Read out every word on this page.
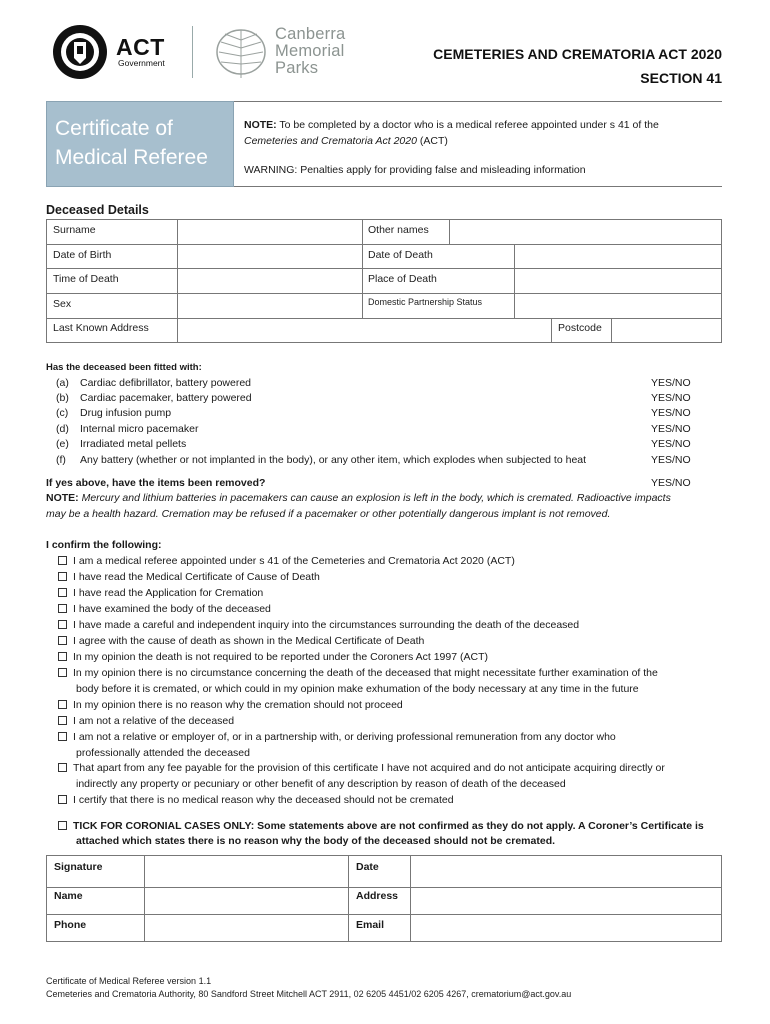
ACT
Government
Canberra
Memorial
Parks
CEMETERIES AND CREMATORIA ACT 2020
SECTION 41
Certificate of
Medical Referee
NOTE: To be completed by a doctor who is a medical referee appointed under s 41 of the
Cemeteries and Crematoria Act 2020 (ACT)
WARNING: Penalties apply for providing false and misleading information
Deceased Details
Surname	Other names
Date of Birth	Date of Death
Time of Death	Place of Death
Sex	Domestic Partnership Status
Last Known Address	Postcode
Has the deceased been fitted with:
(a) Cardiac defibrillator, battery powered	YES/NO
(b) Cardiac pacemaker, battery powered	YES/NO
(c) Drug infusion pump	YES/NO
(d) Internal micro pacemaker	YES/NO
(e) Irradiated metal pellets	YES/NO
(f) Any battery (whether or not implanted in the body), or any other item, which explodes when subjected to heat	YES/NO
If yes above, have the items been removed?	YES/NO
NOTE: Mercury and lithium batteries in pacemakers can cause an explosion is left in the body, which is cremated. Radioactive impacts
may be a health hazard. Cremation may be refused if a pacemaker or other potentially dangerous implant is not removed.
I confirm the following:
I am a medical referee appointed under s 41 of the Cemeteries and Crematoria Act 2020 (ACT)
I have read the Medical Certificate of Cause of Death
I have read the Application for Cremation
I have examined the body of the deceased
I have made a careful and independent inquiry into the circumstances surrounding the death of the deceased
I agree with the cause of death as shown in the Medical Certificate of Death
In my opinion the death is not required to be reported under the Coroners Act 1997 (ACT)
In my opinion there is no circumstance concerning the death of the deceased that might necessitate further examination of the
body before it is cremated, or which could in my opinion make exhumation of the body necessary at any time in the future
In my opinion there is no reason why the cremation should not proceed
I am not a relative of the deceased
I am not a relative or employer of, or in a partnership with, or deriving professional remuneration from any doctor who
professionally attended the deceased
That apart from any fee payable for the provision of this certificate I have not acquired and do not anticipate acquiring directly or
indirectly any property or pecuniary or other benefit of any description by reason of death of the deceased
I certify that there is no medical reason why the deceased should not be cremated
TICK FOR CORONIAL CASES ONLY: Some statements above are not confirmed as they do not apply. A Coroner’s Certificate is
attached which states there is no reason why the body of the deceased should not be cremated.
Signature	Date
Name	Address
Phone	Email
Certificate of Medical Referee version 1.1
Cemeteries and Crematoria Authority, 80 Sandford Street Mitchell ACT 2911, 02 6205 4451/02 6205 4267, crematorium@act.gov.au
